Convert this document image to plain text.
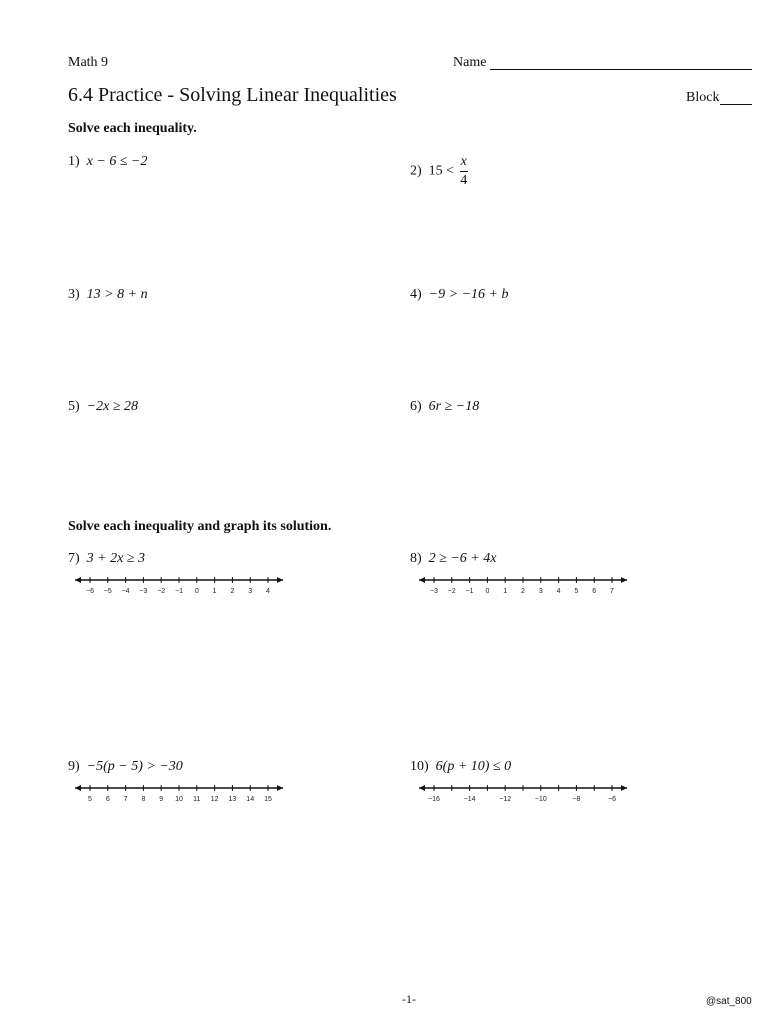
Math 9	Name
6.4 Practice - Solving Linear Inequalities	Block
Solve each inequality.
1) x − 6 ≤ −2
2) $15 < \frac{x}{4}$
3) 13 > 8 + n	4) −9 > −16 + b
5) −2x ≥ 28	6) 6r ≥ −18
Solve each inequality and graph its solution.
7) 3 + 2x ≥ 3	8) 2 ≥ −6 + 4x
9) −5(p − 5) > −30	10) 6(p + 10) ≤ 0
−6 −5 −4 −3 −2 −1 0 1 2 3 4	−3 −2 −1 0 1 2 3 4 5 6 7
5 6 7 8 9 10 11 12 13 14 15	−16	−14	−12	−10	−8	−6
-1-	@sat_800
